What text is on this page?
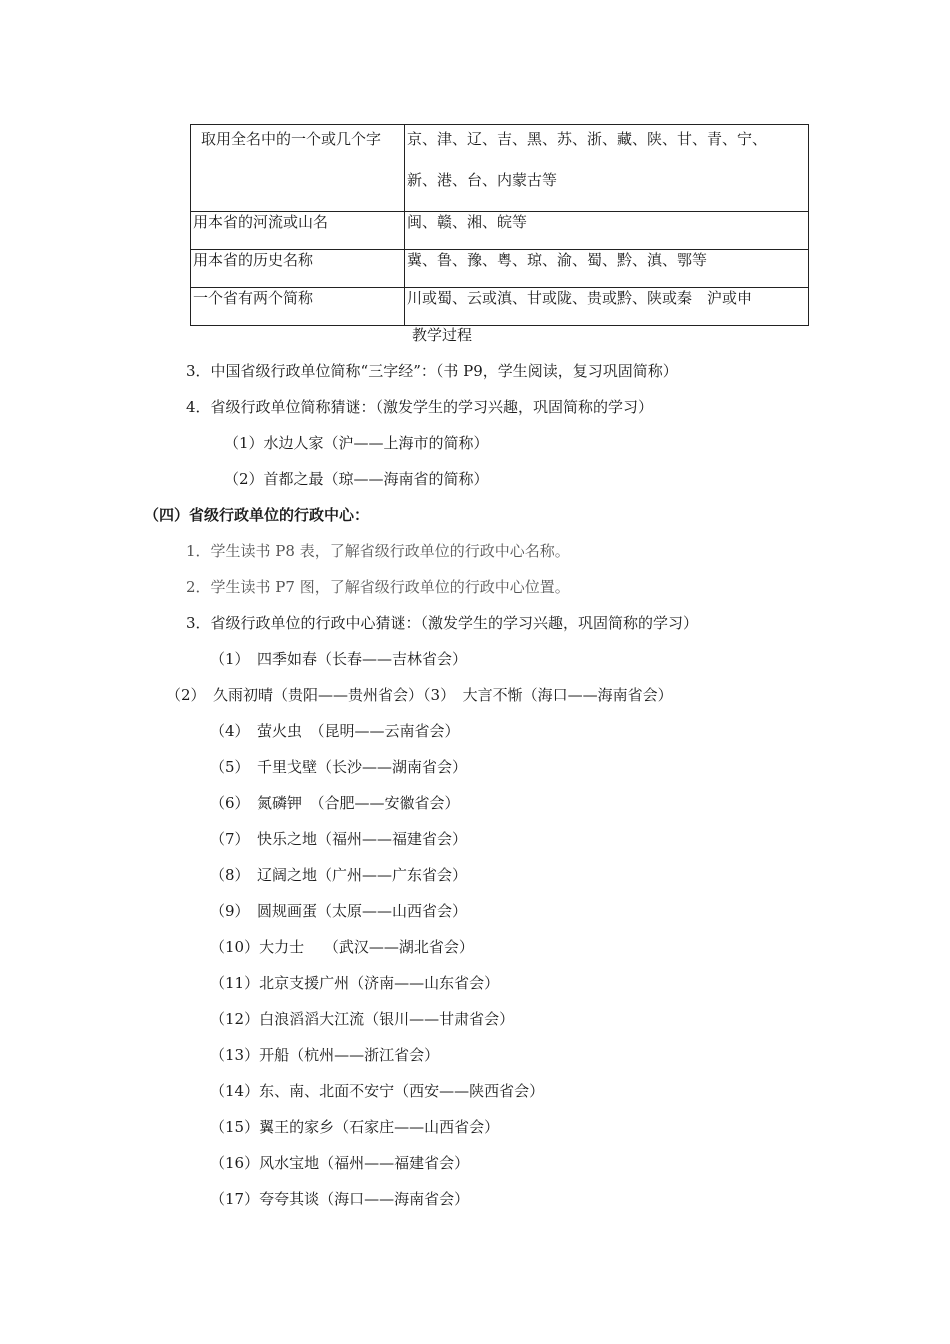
取用全名中的一个或几个字	京、津、辽、吉、黑、苏、浙、藏、陕、甘、青、宁、
新、港、台、内蒙古等

用本省的河流或山名	闽、赣、湘、皖等
用本省的历史名称	冀、鲁、豫、粤、琼、渝、蜀、黔、滇、鄂等
一个省有两个简称	川或蜀、云或滇、甘或陇、贵或黔、陕或秦　沪或申
教学过程
3．中国省级行政单位简称“三字经”：（书 P9，学生阅读，复习巩固简称）
4．省级行政单位简称猜谜：（激发学生的学习兴趣，巩固简称的学习）
（1）水边人家（沪——上海市的简称）
（2）首都之最（琼——海南省的简称）
（四）省级行政单位的行政中心：
1．学生读书 P8 表，了解省级行政单位的行政中心名称。
2．学生读书 P7 图，了解省级行政单位的行政中心位置。
3．省级行政单位的行政中心猜谜：（激发学生的学习兴趣，巩固简称的学习）
（1）　四季如春（长春——吉林省会）
（2）　久雨初晴（贵阳——贵州省会）（3）　大言不惭（海口——海南省会）
（4）　萤火虫　（昆明——云南省会）
（5）　千里戈壁（长沙——湖南省会）
（6）　氮磷钾　（合肥——安徽省会）
（7）　快乐之地（福州——福建省会）
（8）　辽阔之地（广州——广东省会）
（9）　圆规画蛋（太原——山西省会）
（10）大力士　 （武汉——湖北省会）
（11）北京支援广州（济南——山东省会）
（12）白浪滔滔大江流（银川——甘肃省会）
（13）开船（杭州——浙江省会）
（14）东、南、北面不安宁（西安——陕西省会）
（15）翼王的家乡（石家庄——山西省会）
（16）风水宝地（福州——福建省会）
（17）夸夸其谈（海口——海南省会）
